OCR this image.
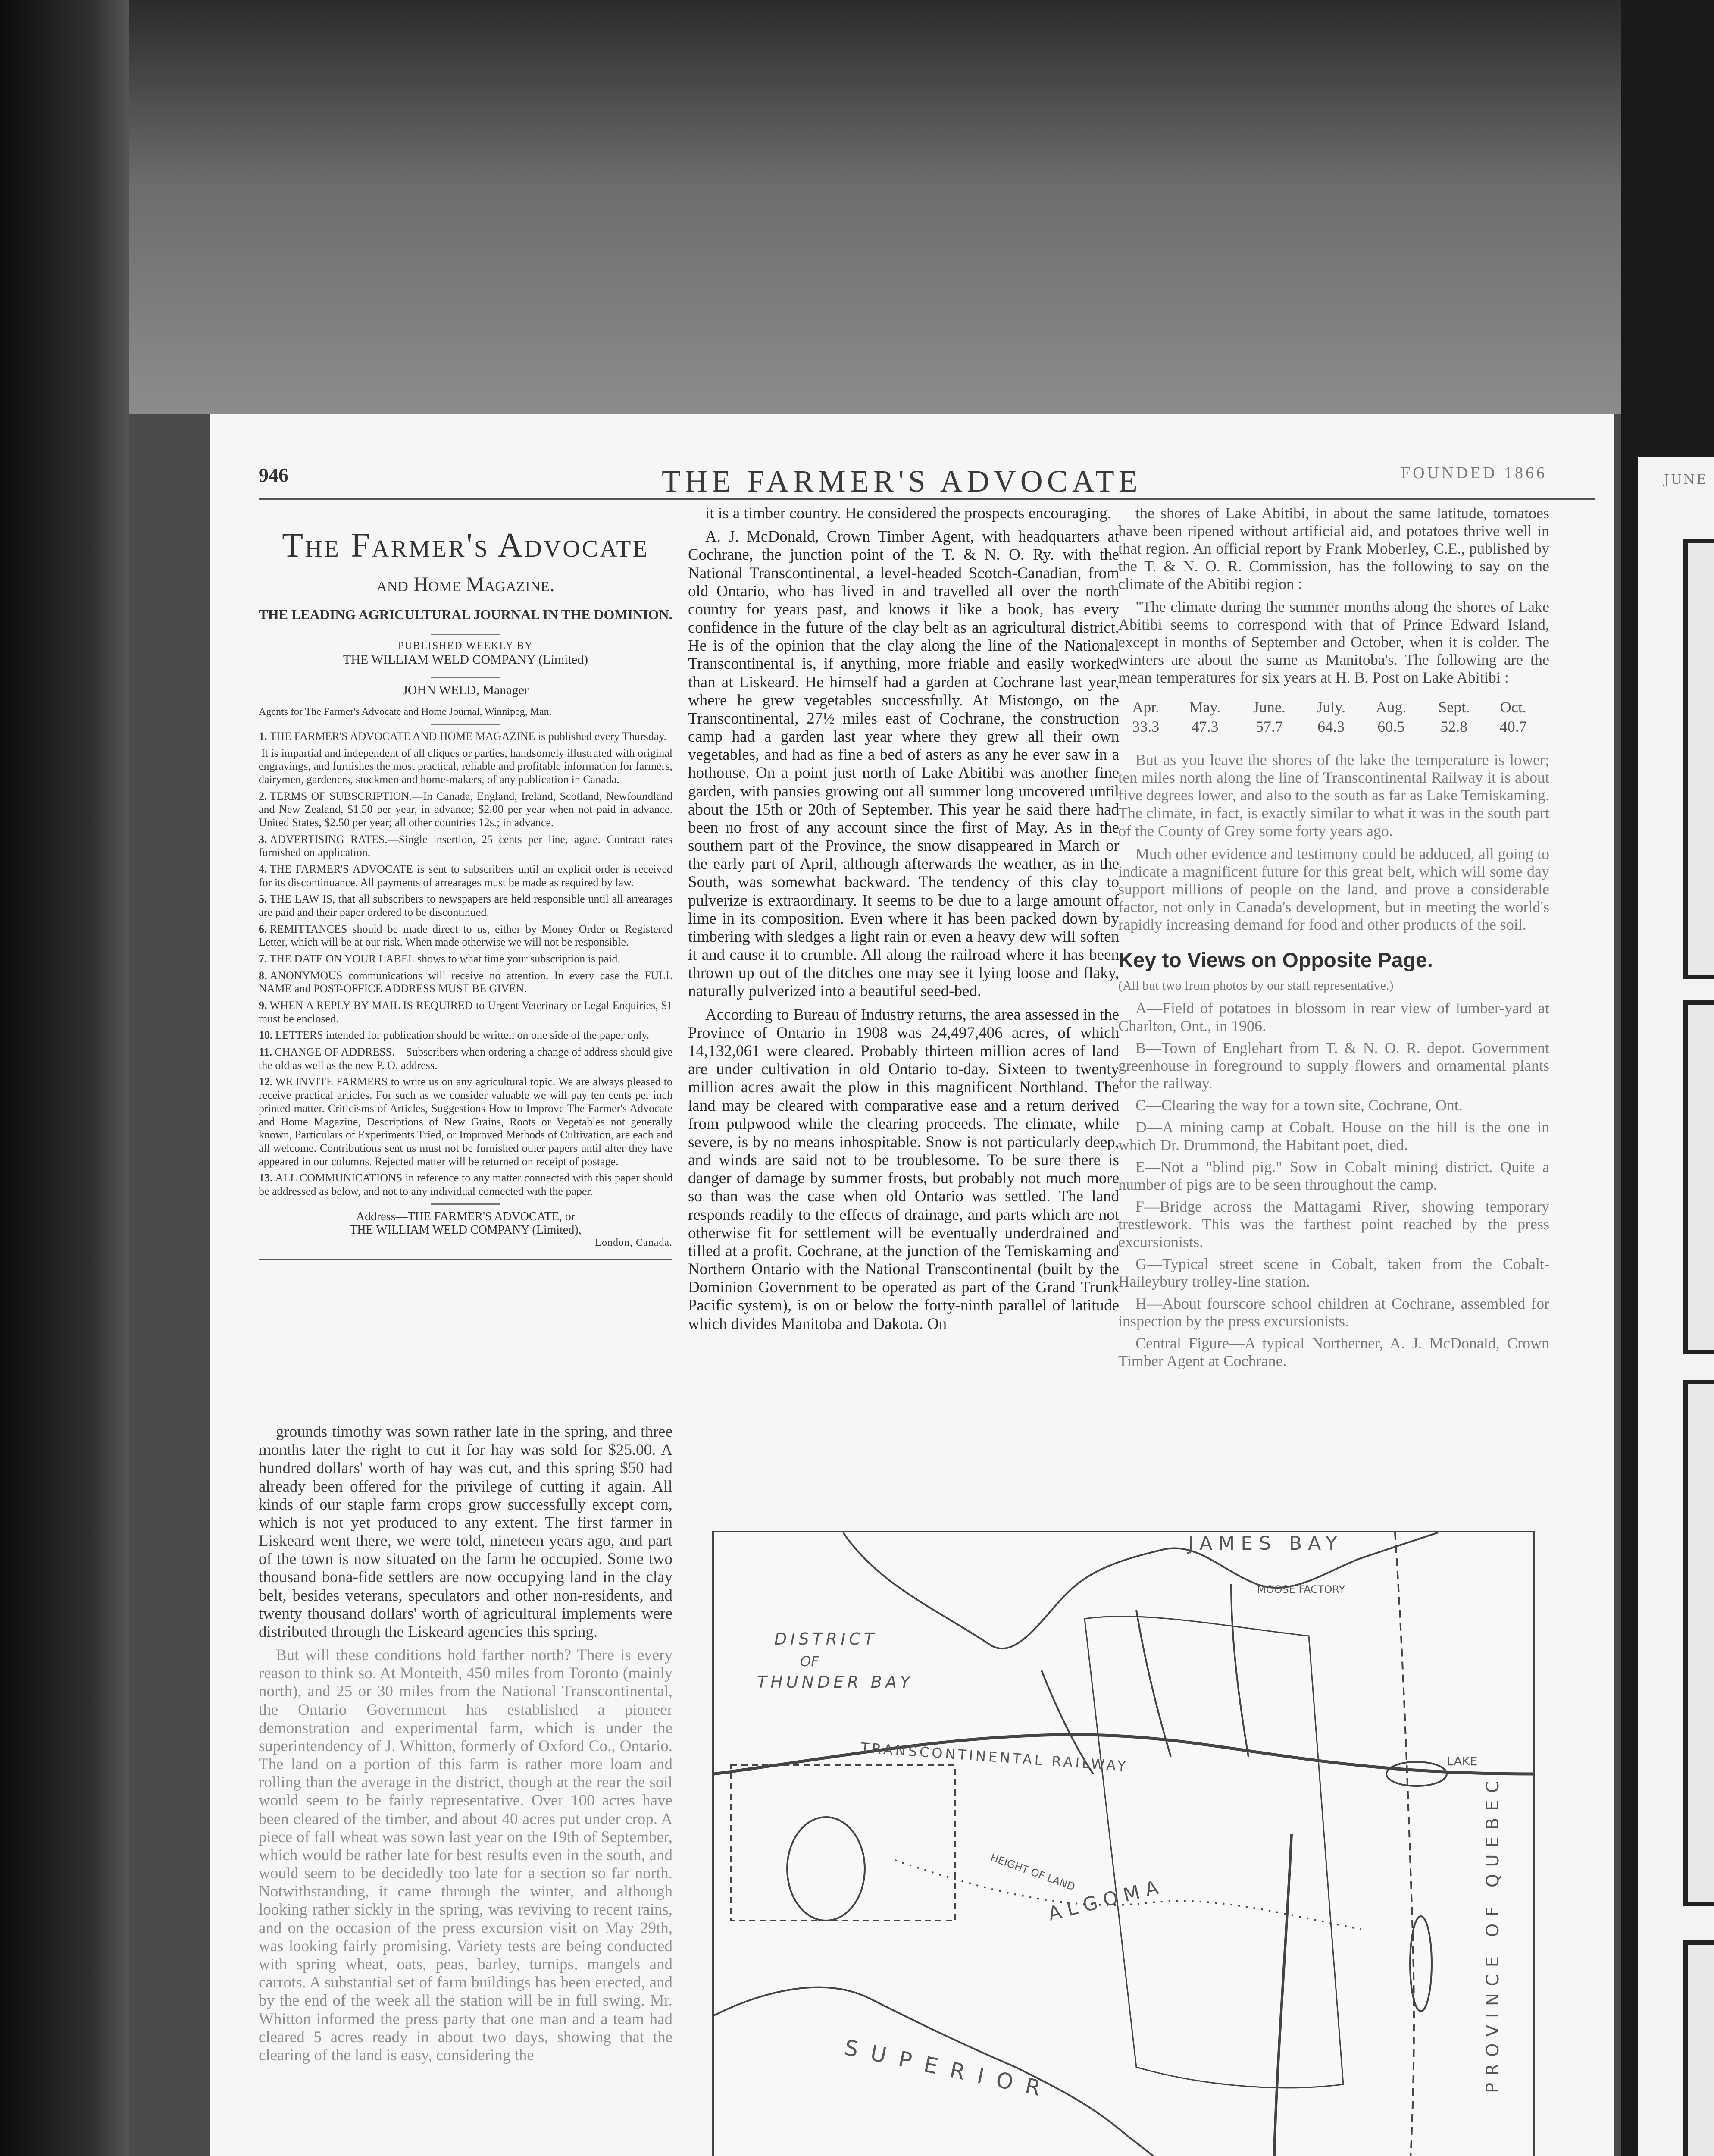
JUNE
946	THE FARMER'S ADVOCATE	FOUNDED 1866
The Farmer's Advocate
and Home Magazine.
THE LEADING AGRICULTURAL JOURNAL IN THE DOMINION.
PUBLISHED WEEKLY BY
THE WILLIAM WELD COMPANY (Limited)
JOHN WELD, Manager
Agents for The Farmer's Advocate and Home Journal, Winnipeg, Man.
1. THE FARMER'S ADVOCATE AND HOME MAGAZINE is published every Thursday.
It is impartial and independent of all cliques or parties, handsomely illustrated with original engravings, and furnishes the most practical, reliable and profitable information for farmers, dairymen, gardeners, stockmen and home-makers, of any publication in Canada.
2. TERMS OF SUBSCRIPTION.—In Canada, England, Ireland, Scotland, Newfoundland and New Zealand, $1.50 per year, in advance; $2.00 per year when not paid in advance. United States, $2.50 per year; all other countries 12s.; in advance.
3. ADVERTISING RATES.—Single insertion, 25 cents per line, agate. Contract rates furnished on application.
4. THE FARMER'S ADVOCATE is sent to subscribers until an explicit order is received for its discontinuance. All payments of arrearages must be made as required by law.
5. THE LAW IS, that all subscribers to newspapers are held responsible until all arrearages are paid and their paper ordered to be discontinued.
6. REMITTANCES should be made direct to us, either by Money Order or Registered Letter, which will be at our risk. When made otherwise we will not be responsible.
7. THE DATE ON YOUR LABEL shows to what time your subscription is paid.
8. ANONYMOUS communications will receive no attention. In every case the FULL NAME and POST-OFFICE ADDRESS MUST BE GIVEN.
9. WHEN A REPLY BY MAIL IS REQUIRED to Urgent Veterinary or Legal Enquiries, $1 must be enclosed.
10. LETTERS intended for publication should be written on one side of the paper only.
11. CHANGE OF ADDRESS.—Subscribers when ordering a change of address should give the old as well as the new P. O. address.
12. WE INVITE FARMERS to write us on any agricultural topic. We are always pleased to receive practical articles. For such as we consider valuable we will pay ten cents per inch printed matter. Criticisms of Articles, Suggestions How to Improve The Farmer's Advocate and Home Magazine, Descriptions of New Grains, Roots or Vegetables not generally known, Particulars of Experiments Tried, or Improved Methods of Cultivation, are each and all welcome. Contributions sent us must not be furnished other papers until after they have appeared in our columns. Rejected matter will be returned on receipt of postage.
13. ALL COMMUNICATIONS in reference to any matter connected with this paper should be addressed as below, and not to any individual connected with the paper.
Address—THE FARMER'S ADVOCATE, or
THE WILLIAM WELD COMPANY (Limited),
London, Canada.

grounds timothy was sown rather late in the spring, and three months later the right to cut it for hay was sold for $25.00. A hundred dollars' worth of hay was cut, and this spring $50 had already been offered for the privilege of cutting it again. All kinds of our staple farm crops grow successfully except corn, which is not yet produced to any extent. The first farmer in Liskeard went there, we were told, nineteen years ago, and part of the town is now situated on the farm he occupied. Some two thousand bona-fide settlers are now occupying land in the clay belt, besides veterans, speculators and other non-residents, and twenty thousand dollars' worth of agricultural implements were distributed through the Liskeard agencies this spring.

But will these conditions hold farther north? There is every reason to think so. At Monteith, 450 miles from Toronto (mainly north), and 25 or 30 miles from the National Transcontinental, the Ontario Government has established a pioneer demonstration and experimental farm, which is under the superintendency of J. Whitton, formerly of Oxford Co., Ontario. The land on a portion of this farm is rather more loam and rolling than the average in the district, though at the rear the soil would seem to be fairly representative. Over 100 acres have been cleared of the timber, and about 40 acres put under crop. A piece of fall wheat was sown last year on the 19th of September, which would be rather late for best results even in the south, and would seem to be decidedly too late for a section so far north. Notwithstanding, it came through the winter, and although looking rather sickly in the spring, was reviving to recent rains, and on the occasion of the press excursion visit on May 29th, was looking fairly promising. Variety tests are being conducted with spring wheat, oats, peas, barley, turnips, mangels and carrots. A substantial set of farm buildings has been erected, and by the end of the week all the station will be in full swing. Mr. Whitton informed the press party that one man and a team had cleared 5 acres ready in about two days, showing that the clearing of the land is easy, considering the

it is a timber country. He considered the prospects encouraging.

A. J. McDonald, Crown Timber Agent, with headquarters at Cochrane, the junction point of the T. & N. O. Ry. with the National Transcontinental, a level-headed Scotch-Canadian, from old Ontario, who has lived in and travelled all over the north country for years past, and knows it like a book, has every confidence in the future of the clay belt as an agricultural district. He is of the opinion that the clay along the line of the National Transcontinental is, if anything, more friable and easily worked than at Liskeard. He himself had a garden at Cochrane last year, where he grew vegetables successfully. At Mistongo, on the Transcontinental, 27½ miles east of Cochrane, the construction camp had a garden last year where they grew all their own vegetables, and had as fine a bed of asters as any he ever saw in a hothouse. On a point just north of Lake Abitibi was another fine garden, with pansies growing out all summer long uncovered until about the 15th or 20th of September. This year he said there had been no frost of any account since the first of May. As in the southern part of the Province, the snow disappeared in March or the early part of April, although afterwards the weather, as in the South, was somewhat backward. The tendency of this clay to pulverize is extraordinary. It seems to be due to a large amount of lime in its composition. Even where it has been packed down by timbering with sledges a light rain or even a heavy dew will soften it and cause it to crumble. All along the railroad where it has been thrown up out of the ditches one may see it lying loose and flaky, naturally pulverized into a beautiful seed-bed.

According to Bureau of Industry returns, the area assessed in the Province of Ontario in 1908 was 24,497,406 acres, of which 14,132,061 were cleared. Probably thirteen million acres of land are under cultivation in old Ontario to-day. Sixteen to twenty million acres await the plow in this magnificent Northland. The land may be cleared with comparative ease and a return derived from pulpwood while the clearing proceeds. The climate, while severe, is by no means inhospitable. Snow is not particularly deep, and winds are said not to be troublesome. To be sure there is danger of damage by summer frosts, but probably not much more so than was the case when old Ontario was settled. The land responds readily to the effects of drainage, and parts which are not otherwise fit for settlement will be eventually underdrained and tilled at a profit. Cochrane, at the junction of the Temiskaming and Northern Ontario with the National Transcontinental (built by the Dominion Government to be operated as part of the Grand Trunk Pacific system), is on or below the forty-ninth parallel of latitude which divides Manitoba and Dakota. On

the shores of Lake Abitibi, in about the same latitude, tomatoes have been ripened without artificial aid, and potatoes thrive well in that region. An official report by Frank Moberley, C.E., published by the T. & N. O. R. Commission, has the following to say on the climate of the Abitibi region :

"The climate during the summer months along the shores of Lake Abitibi seems to correspond with that of Prince Edward Island, except in months of September and October, when it is colder. The winters are about the same as Manitoba's. The following are the mean temperatures for six years at H. B. Post on Lake Abitibi :

Apr.	May.	June.	July.	Aug.	Sept.	Oct.
33.3	47.3	57.7	64.3	60.5	52.8	40.7

But as you leave the shores of the lake the temperature is lower; ten miles north along the line of Transcontinental Railway it is about five degrees lower, and also to the south as far as Lake Temiskaming. The climate, in fact, is exactly similar to what it was in the south part of the County of Grey some forty years ago.

Much other evidence and testimony could be adduced, all going to indicate a magnificent future for this great belt, which will some day support millions of people on the land, and prove a considerable factor, not only in Canada's development, but in meeting the world's rapidly increasing demand for food and other products of the soil.

Key to Views on Opposite Page.
(All but two from photos by our staff representative.)

A—Field of potatoes in blossom in rear view of lumber-yard at Charlton, Ont., in 1906.

B—Town of Englehart from T. & N. O. R. depot. Government greenhouse in foreground to supply flowers and ornamental plants for the railway.

C—Clearing the way for a town site, Cochrane, Ont.

D—A mining camp at Cobalt. House on the hill is the one in which Dr. Drummond, the Habitant poet, died.

E—Not a "blind pig." Sow in Cobalt mining district. Quite a number of pigs are to be seen throughout the camp.

F—Bridge across the Mattagami River, showing temporary trestlework. This was the farthest point reached by the press excursionists.

G—Typical street scene in Cobalt, taken from the Cobalt-Haileybury trolley-line station.

H—About fourscore school children at Cochrane, assembled for inspection by the press excursionists.

Central Figure—A typical Northerner, A. J. McDonald, Crown Timber Agent at Cochrane.

JAMES BAY
MOOSE FACTORY
DISTRICT
OF
THUNDER BAY
TRANSCONTINENTAL RAILWAY
ALGOMA
HEIGHT OF LAND
SUPERIOR
LAKE
PROVINCE OF QUEBEC
